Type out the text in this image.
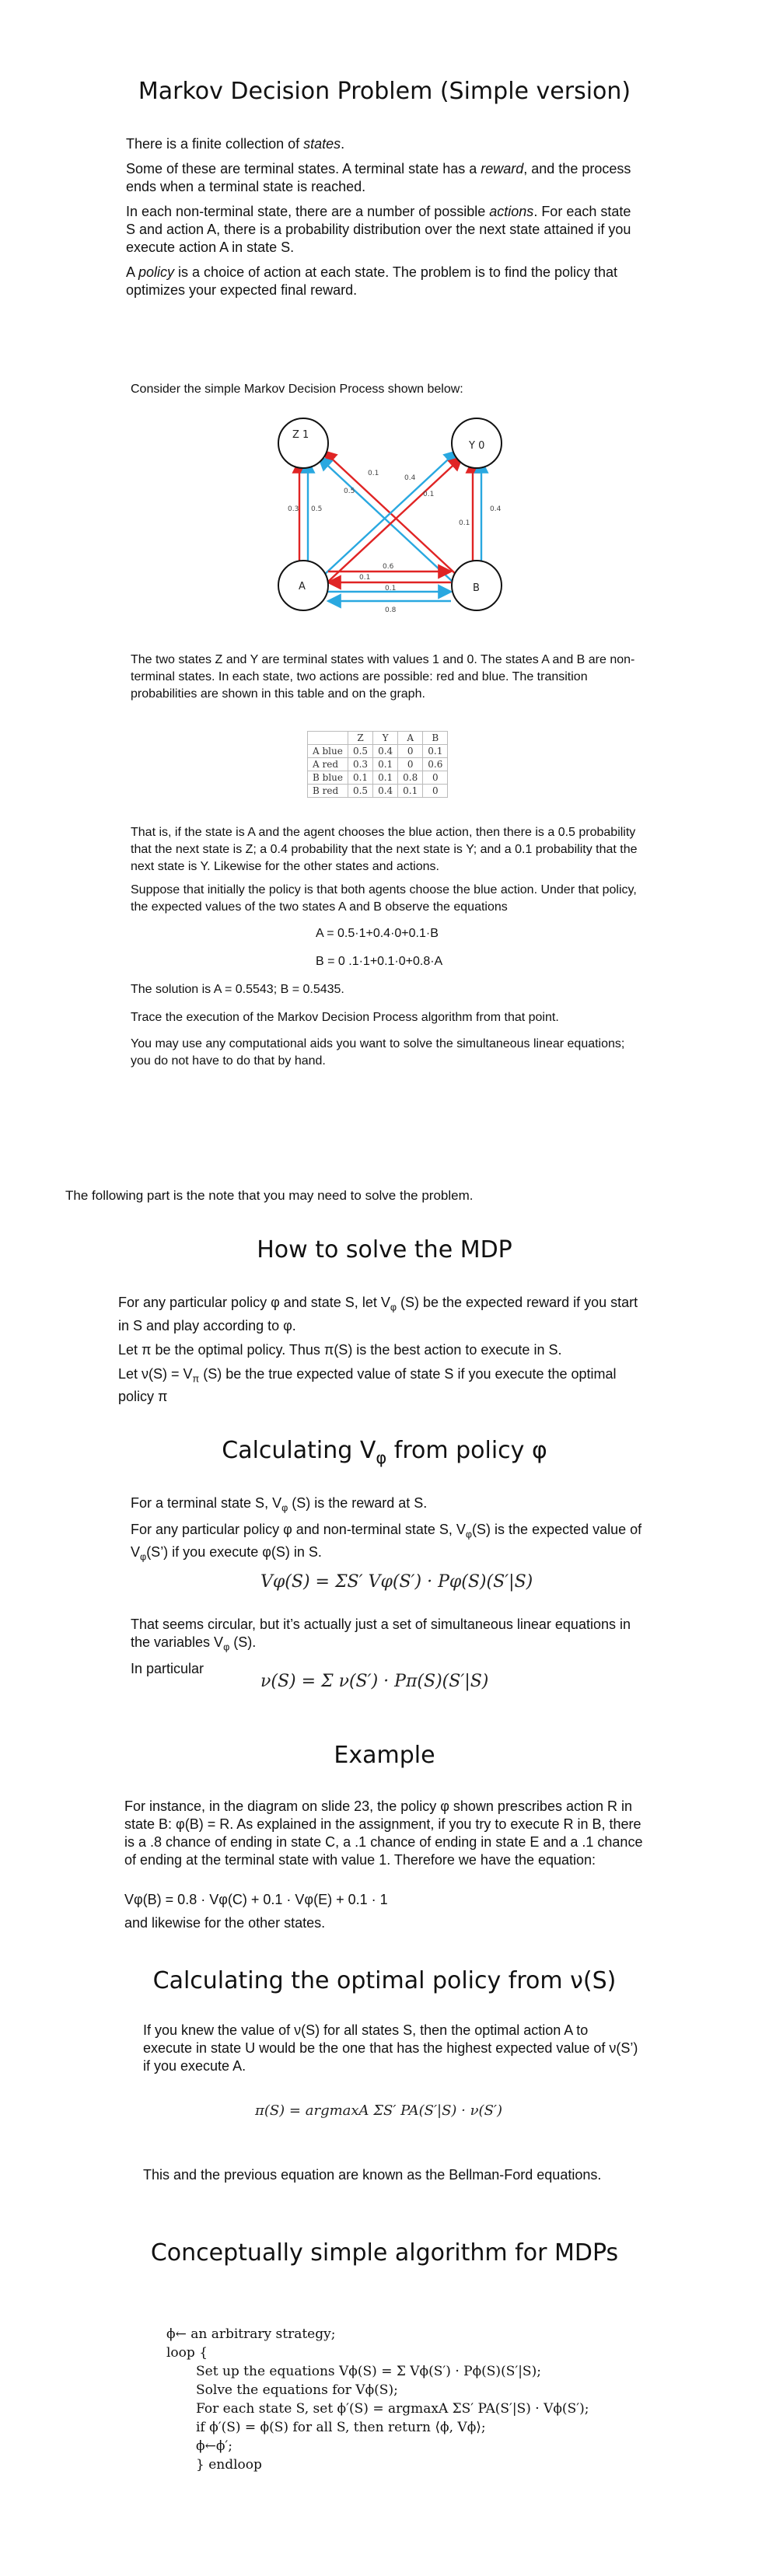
Markov Decision Problem (Simple version)

There is a finite collection of states.

Some of these are terminal states. A terminal state has a reward, and the process ends when a terminal state is reached.

In each non-terminal state, there are a number of possible actions. For each state S and action A, there is a probability distribution over the next state attained if you execute action A in state S.

A policy is a choice of action at each state. The problem is to find the policy that optimizes your expected final reward.

Consider the simple Markov Decision Process shown below:
Z 1
Y 0
A	B
0.1
0.5
0.4
0.1
0.3 0.5	0.4
0.1
0.6
0.1
0.1
0.8
The two states Z and Y are terminal states with values 1 and 0. The states A and B are non-terminal states. In each state, two actions are possible: red and blue. The transition probabilities are shown in this table and on the graph.
	Z	Y	A	B
A blue	0.5	0.4	0	0.1
A red	0.3	0.1	0	0.6
B blue	0.1	0.1	0.8	0
B red	0.5	0.4	0.1	0
That is, if the state is A and the agent chooses the blue action, then there is a 0.5 probability that the next state is Z; a 0.4 probability that the next state is Y; and a 0.1 probability that the next state is Y. Likewise for the other states and actions.
Suppose that initially the policy is that both agents choose the blue action. Under that policy, the expected values of the two states A and B observe the equations
A = 0.5·1+0.4·0+0.1·B
B = 0 .1·1+0.1·0+0.8·A
The solution is A = 0.5543; B = 0.5435.
Trace the execution of the Markov Decision Process algorithm from that point.
You may use any computational aids you want to solve the simultaneous linear equations; you do not have to do that by hand.
The following part is the note that you may need to solve the problem.
How to solve the MDP

For any particular policy φ and state S, let $V_\varphi$ (S) be the expected reward if you start in S and play according to φ.

Let π be the optimal policy. Thus π(S) is the best action to execute in S.

Let $\nu(S) = V_\pi$ (S) be the true expected value of state S if you execute the optimal policy π

Calculating $V_\varphi$ from policy φ

For a terminal state S, $V_\varphi$ (S) is the reward at S.

For any particular policy φ and non-terminal state S, $V_\varphi(S)$ is the expected value of $V_\varphi(S’)$ if you execute φ(S) in S.

Vφ(S) = ΣS′ Vφ(S′) · Pφ(S)(S′|S)

That seems circular, but it’s actually just a set of simultaneous linear equations in the variables $V_\varphi$ (S).

In particular

ν(S) = Σ ν(S′) · Pπ(S)(S′|S)
Example
For instance, in the diagram on slide 23, the policy φ shown prescribes action R in state B: φ(B) = R. As explained in the assignment, if you try to execute R in B, there is a .8 chance of ending in state C, a .1 chance of ending in state E and a .1 chance of ending at the terminal state with value 1. Therefore we have the equation:
Vφ(B) = 0.8 · Vφ(C) + 0.1 · Vφ(E) + 0.1 · 1
and likewise for the other states.
Calculating the optimal policy from ν(S)
If you knew the value of ν(S) for all states S, then the optimal action A to execute in state U would be the one that has the highest expected value of ν(S’) if you execute A.
π(S) = argmaxA ΣS′ PA(S′|S) · ν(S′)
This and the previous equation are known as the Bellman-Ford equations.
Conceptually simple algorithm for MDPs
ϕ← an arbitrary strategy;
loop {
Set up the equations Vϕ(S) = Σ Vϕ(S′) · Pϕ(S)(S′|S);
Solve the equations for Vϕ(S);
For each state S, set ϕ′(S) = argmaxA ΣS′ PA(S′|S) · Vϕ(S′);
if ϕ′(S) = ϕ(S) for all S, then return ⟨ϕ, Vϕ⟩;
ϕ←ϕ′;
} endloop
